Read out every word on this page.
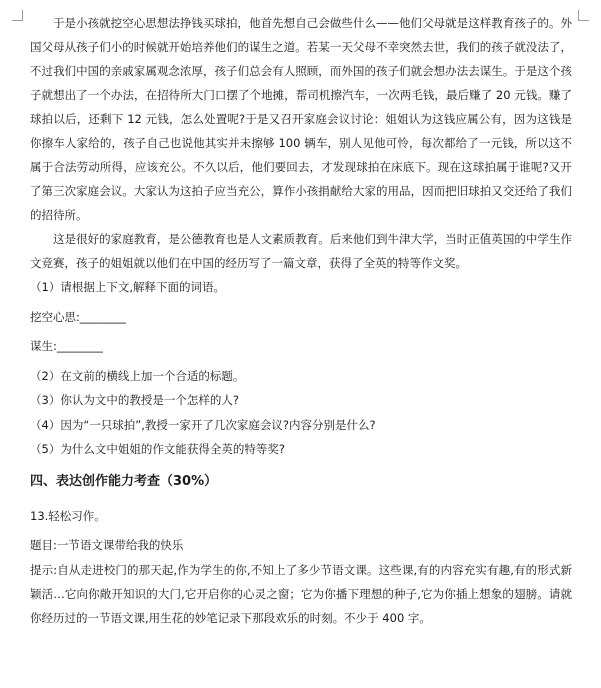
于是小孩就挖空心思想法挣钱买球拍，他首先想自己会做些什么——他们父母就是这样教育孩子的。外国父母从孩子们小的时候就开始培养他们的谋生之道。若某一天父母不幸突然去世，我们的孩子就没法了，不过我们中国的亲戚家属观念浓厚，孩子们总会有人照顾，而外国的孩子们就会想办法去谋生。于是这个孩子就想出了一个办法，在招待所大门口摆了个地摊，帮司机擦汽车，一次两毛钱，最后赚了 20 元钱。赚了球拍以后，还剩下 12 元钱，怎么处置呢?于是又召开家庭会议讨论：姐姐认为这钱应属公有，因为这钱是你擦车人家给的，孩子自己也说他其实并未擦够 100 辆车，别人见他可怜，每次都给了一元钱，所以这不属于合法劳动所得，应该充公。不久以后，他们要回去，才发现球拍在床底下。现在这球拍属于谁呢?又开了第三次家庭会议。大家认为这拍子应当充公，算作小孩捐献给大家的用品，因而把旧球拍又交还给了我们的招待所。

这是很好的家庭教育，是公德教育也是人文素质教育。后来他们到牛津大学，当时正值英国的中学生作文竞赛，孩子的姐姐就以他们在中国的经历写了一篇文章，获得了全英的特等作文奖。

（1）请根据上下文,解释下面的词语。

挖空心思:________

谋生:________

（2）在文前的横线上加一个合适的标题。

（3）你认为文中的教授是一个怎样的人?

（4）因为“一只球拍”,教授一家开了几次家庭会议?内容分别是什么?

（5）为什么文中姐姐的作文能获得全英的特等奖?

四、表达创作能力考查（30%）

13.轻松习作。

题目:一节语文课带给我的快乐

提示:自从走进校门的那天起,作为学生的你,不知上了多少节语文课。这些课,有的内容充实有趣,有的形式新颖活…它向你敞开知识的大门,它开启你的心灵之窗；它为你播下理想的种子,它为你插上想象的翅膀。请就你经历过的一节语文课,用生花的妙笔记录下那段欢乐的时刻。不少于 400 字。
